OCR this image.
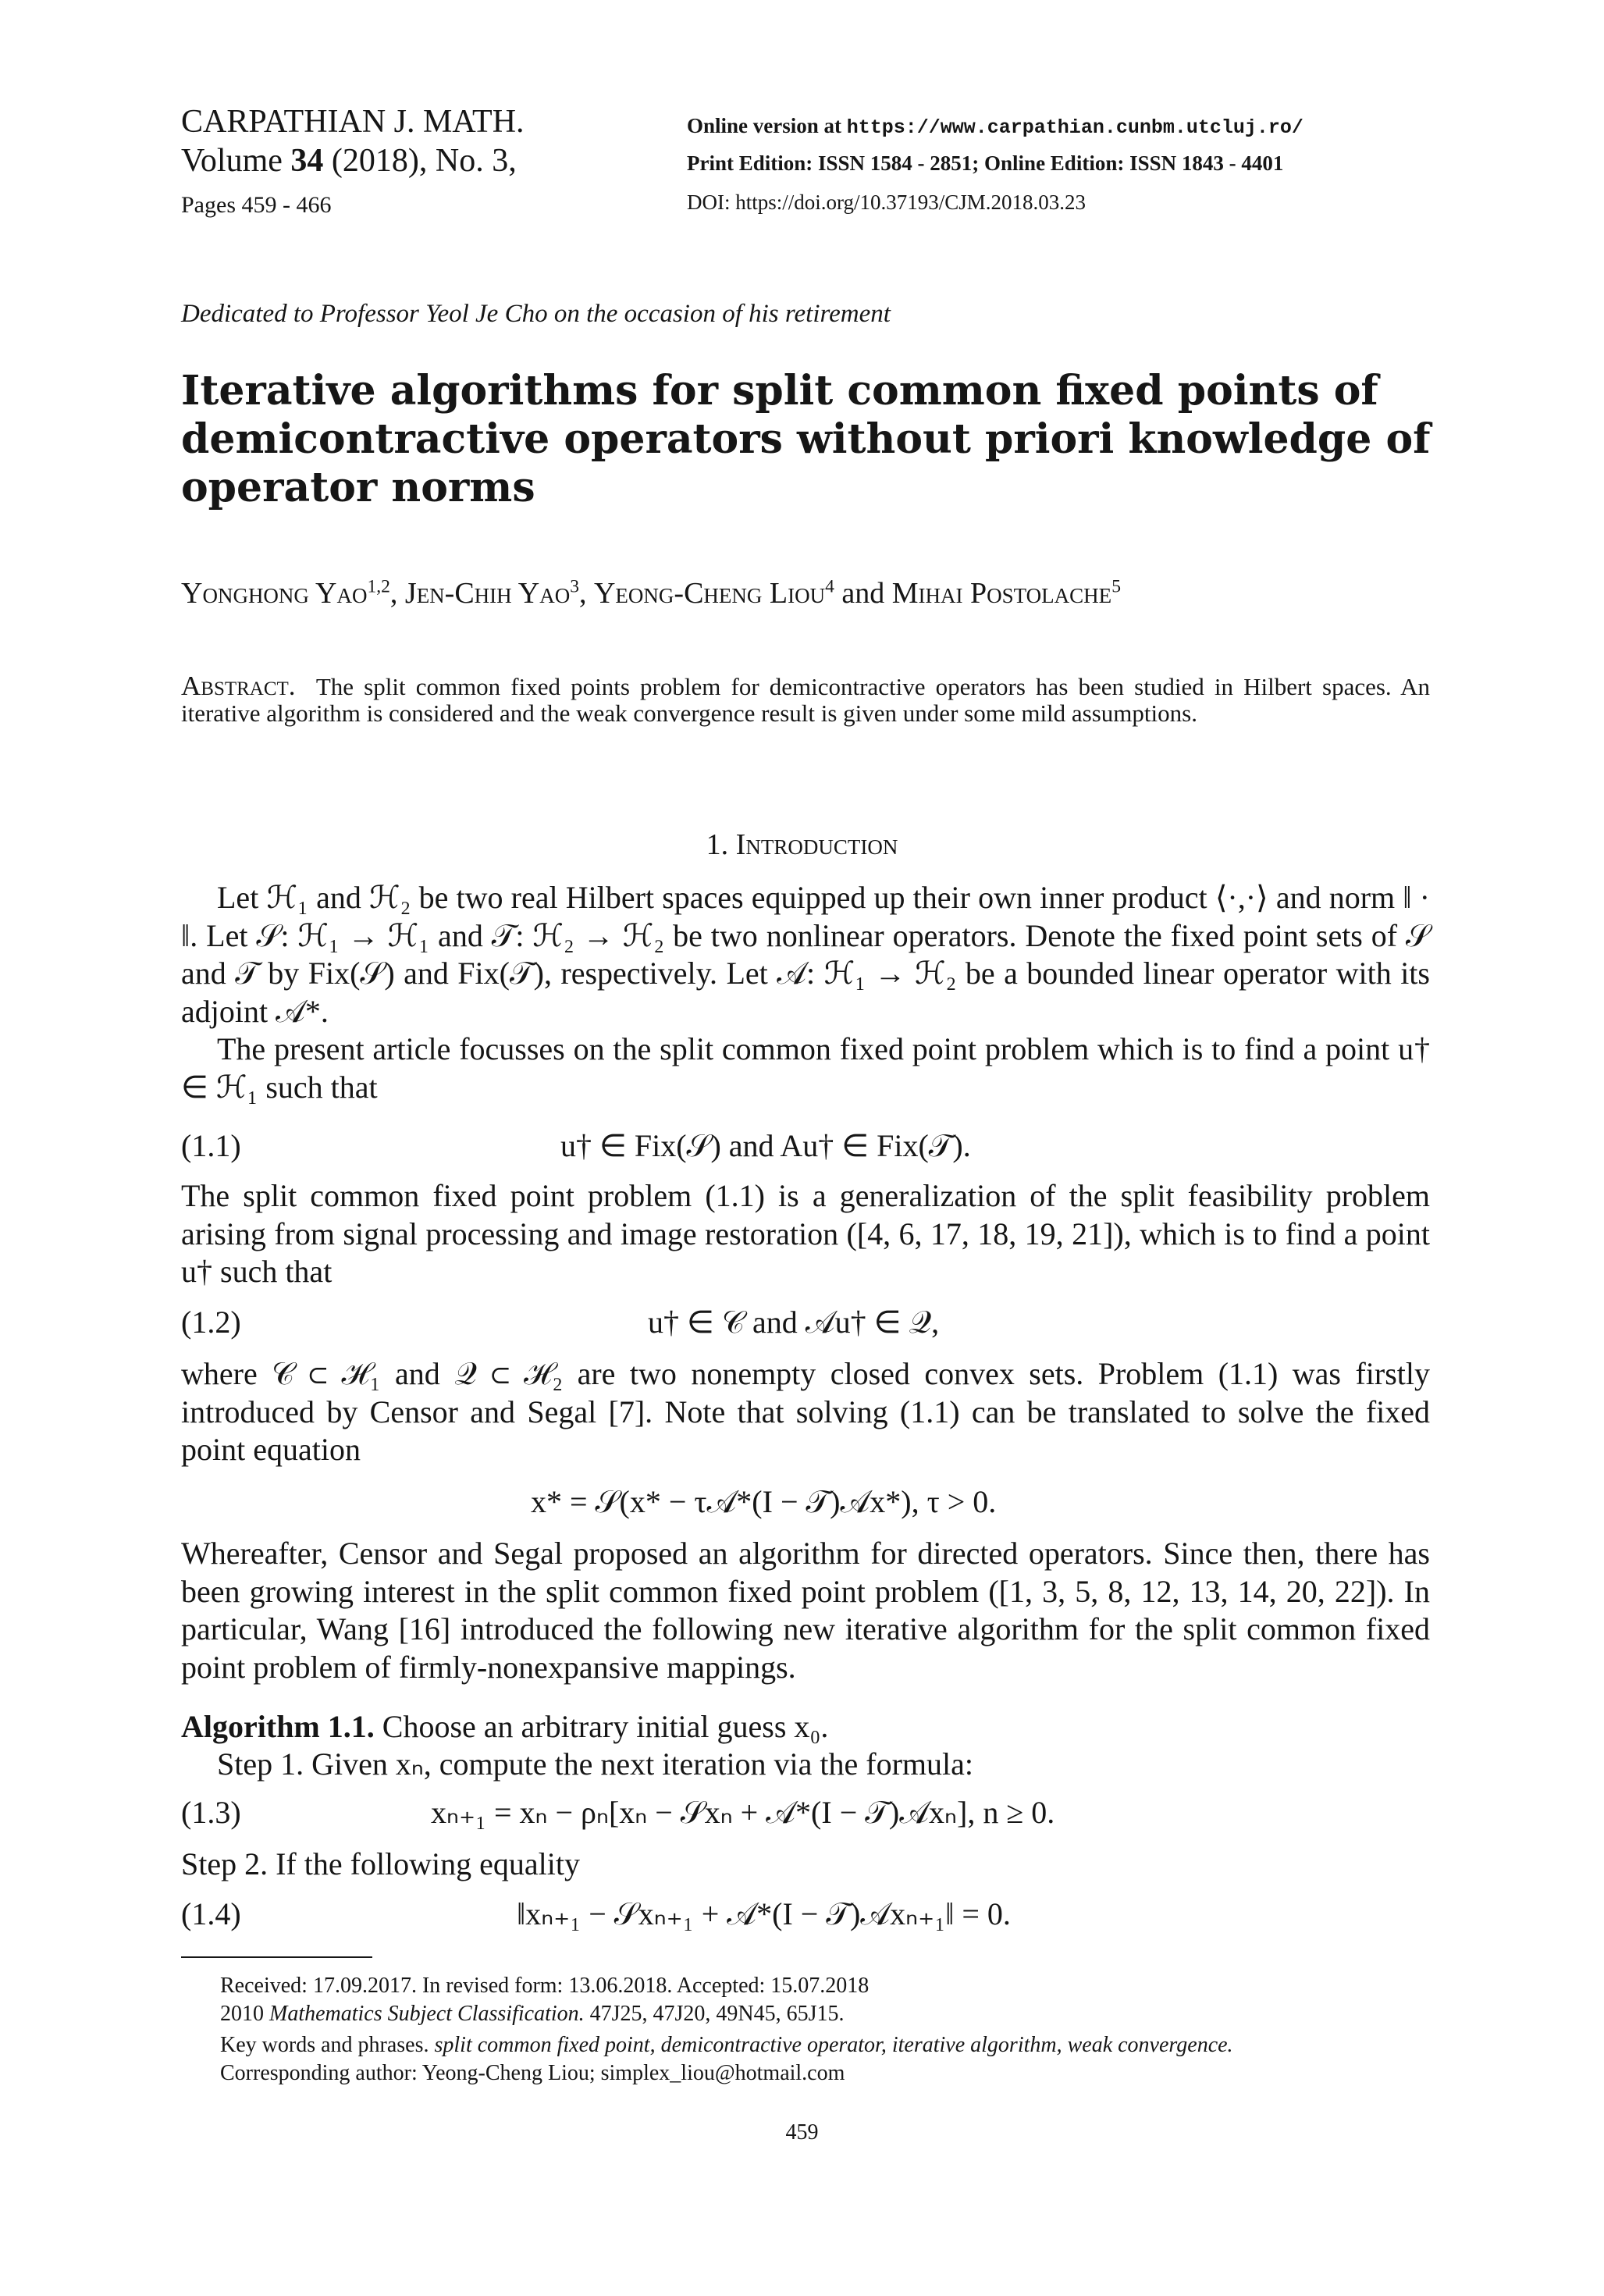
CARPATHIAN J. MATH.
Volume 34 (2018), No. 3,
Pages 459 - 466
Online version at https://www.carpathian.cunbm.utcluj.ro/
Print Edition: ISSN 1584 - 2851; Online Edition: ISSN 1843 - 4401
DOI: https://doi.org/10.37193/CJM.2018.03.23
Dedicated to Professor Yeol Je Cho on the occasion of his retirement
Iterative algorithms for split common fixed points of
demicontractive operators without priori knowledge of
operator norms
Yonghong Yao$^{1,2}$, Jen-Chih Yao$^3$, Yeong-Cheng Liou$^4$ and Mihai Postolache$^5$
Abstract. The split common fixed points problem for demicontractive operators has been studied in Hilbert spaces. An iterative algorithm is considered and the weak convergence result is given under some mild assumptions.
1. Introduction
Let ℋ₁ and ℋ₂ be two real Hilbert spaces equipped up their own inner product ⟨·,·⟩ and norm ‖ · ‖. Let 𝒮: ℋ₁ → ℋ₁ and 𝒯: ℋ₂ → ℋ₂ be two nonlinear operators. Denote the fixed point sets of 𝒮 and 𝒯 by Fix(𝒮) and Fix(𝒯), respectively. Let 𝒜: ℋ₁ → ℋ₂ be a bounded linear operator with its adjoint 𝒜*.
The present article focusses on the split common fixed point problem which is to find a point u† ∈ ℋ₁ such that
(1.1)	u† ∈ Fix(𝒮) and Au† ∈ Fix(𝒯).
The split common fixed point problem (1.1) is a generalization of the split feasibility problem arising from signal processing and image restoration ([4, 6, 17, 18, 19, 21]), which is to find a point u† such that
(1.2)	u† ∈ 𝒞 and 𝒜u† ∈ 𝒬,
where 𝒞 ⊂ ℋ₁ and 𝒬 ⊂ ℋ₂ are two nonempty closed convex sets. Problem (1.1) was firstly introduced by Censor and Segal [7]. Note that solving (1.1) can be translated to solve the fixed point equation
x* = 𝒮(x* − τ𝒜*(I − 𝒯)𝒜x*), τ > 0.
Whereafter, Censor and Segal proposed an algorithm for directed operators. Since then, there has been growing interest in the split common fixed point problem ([1, 3, 5, 8, 12, 13, 14, 20, 22]). In particular, Wang [16] introduced the following new iterative algorithm for the split common fixed point problem of firmly-nonexpansive mappings.
Algorithm 1.1. Choose an arbitrary initial guess x₀.
Step 1. Given xₙ, compute the next iteration via the formula:
(1.3)	xₙ₊₁ = xₙ − ρₙ[xₙ − 𝒮xₙ + 𝒜*(I − 𝒯)𝒜xₙ], n ≥ 0.
Step 2. If the following equality
(1.4)	‖xₙ₊₁ − 𝒮xₙ₊₁ + 𝒜*(I − 𝒯)𝒜xₙ₊₁‖ = 0.
Received: 17.09.2017. In revised form: 13.06.2018. Accepted: 15.07.2018
2010 Mathematics Subject Classification. 47J25, 47J20, 49N45, 65J15.
Key words and phrases. split common fixed point, demicontractive operator, iterative algorithm, weak convergence.
Corresponding author: Yeong-Cheng Liou; simplex_liou@hotmail.com
459
